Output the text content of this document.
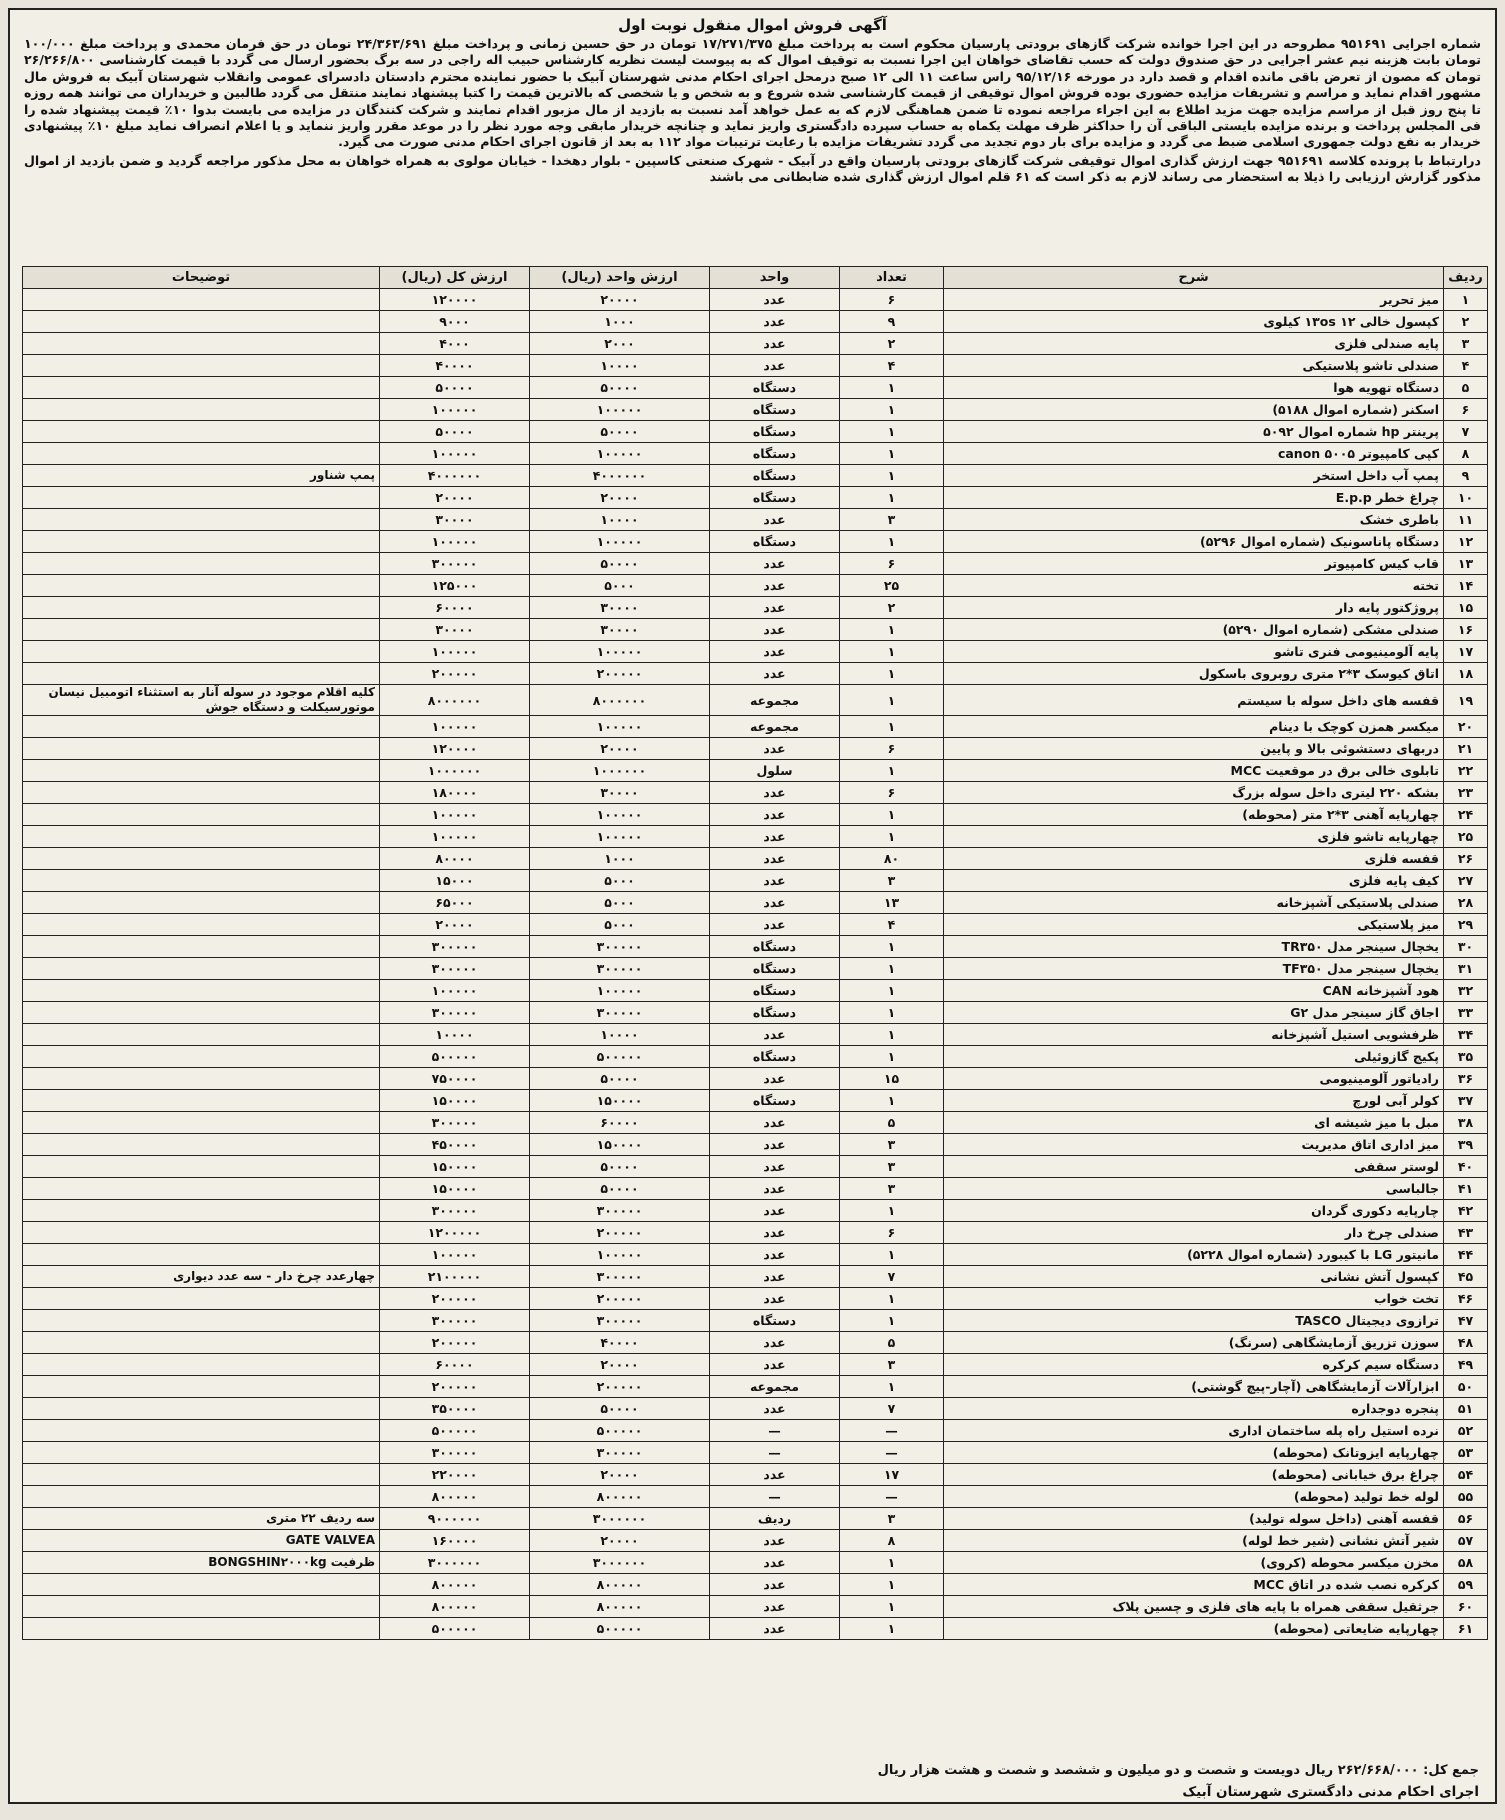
آگهی فروش اموال منقول نوبت اول

شماره اجرایی ۹۵۱۶۹۱ مطروحه در این اجرا خوانده شرکت گازهای برودتی پارسیان محکوم است به پرداخت مبلغ ۱۷/۲۷۱/۳۷۵ تومان در حق حسین زمانی و پرداخت مبلغ ۲۴/۳۶۳/۶۹۱ تومان در حق فرمان محمدی و پرداخت مبلغ ۱۰۰/۰۰۰ تومان بابت هزینه نیم عشر اجرایی در حق صندوق دولت که حسب تقاضای خواهان این اجرا نسبت به توقیف اموال که به پیوست لیست نظریه کارشناس حبیب اله راجی در سه برگ بحضور ارسال می گردد با قیمت کارشناسی ۲۶/۲۶۶/۸۰۰ تومان که مصون از تعرض باقی مانده اقدام و قصد دارد در مورخه ۹۵/۱۲/۱۶ راس ساعت ۱۱ الی ۱۲ صبح درمحل اجرای احکام مدنی شهرستان آبیک با حضور نماینده محترم دادستان دادسرای عمومی وانقلاب شهرستان آبیک به فروش مال مشهور اقدام نماید و مراسم و تشریفات مزایده حضوری بوده فروش اموال توقیفی از قیمت کارشناسی شده شروع و به شخص و یا شخصی که بالاترین قیمت را کتبا پیشنهاد نمایند منتقل می گردد طالبین و خریداران می توانند همه روزه تا پنج روز قبل از مراسم مزایده جهت مزید اطلاع به این اجراء مراجعه نموده تا ضمن هماهنگی لازم که به عمل خواهد آمد نسبت به بازدید از مال مزبور اقدام نمایند و شرکت کنندگان در مزایده می بایست بدوا ۱۰٪ قیمت پیشنهاد شده را فی المجلس پرداخت و برنده مزایده بایستی الباقی آن را حداکثر ظرف مهلت یکماه به حساب سپرده دادگستری واریز نماید و چنانچه خریدار مابقی وجه مورد نظر را در موعد مقرر واریز ننماید و یا اعلام انصراف نماید مبلغ ۱۰٪ پیشنهادی خریدار به نفع دولت جمهوری اسلامی ضبط می گردد و مزایده برای بار دوم تجدید می گردد تشریفات مزایده با رعایت ترتیبات مواد ۱۱۲ به بعد از قانون اجرای احکام مدنی صورت می گیرد.

درارتباط با پرونده کلاسه ۹۵۱۶۹۱ جهت ارزش گذاری اموال توقیفی شرکت گازهای برودتی پارسیان واقع در آبیک - شهرک صنعتی کاسپین - بلوار دهخدا - خیابان مولوی به همراه خواهان به محل مذکور مراجعه گردید و ضمن بازدید از اموال مذکور گزارش ارزیابی را ذیلا به استحضار می رساند لازم به ذکر است که ۶۱ قلم اموال ارزش گذاری شده ضابطانی می باشند

ردیف	شرح	تعداد	واحد	ارزش واحد (ریال)	ارزش کل (ریال)	توضیحات
۱	میز تحریر	۶	عدد	۲۰۰۰۰	۱۲۰۰۰۰	
۲	کپسول خالی ۱۲ ۱۳os کیلوی	۹	عدد	۱۰۰۰	۹۰۰۰	
۳	پایه صندلی فلزی	۲	عدد	۲۰۰۰	۴۰۰۰	
۴	صندلی تاشو پلاستیکی	۴	عدد	۱۰۰۰۰	۴۰۰۰۰	
۵	دستگاه تهویه هوا	۱	دستگاه	۵۰۰۰۰	۵۰۰۰۰	
۶	اسکنر (شماره اموال ۵۱۸۸)	۱	دستگاه	۱۰۰۰۰۰	۱۰۰۰۰۰	
۷	پرینتر hp شماره اموال ۵۰۹۲	۱	دستگاه	۵۰۰۰۰	۵۰۰۰۰	
۸	کپی کامپیوتر canon ۵۰۰۵	۱	دستگاه	۱۰۰۰۰۰	۱۰۰۰۰۰	
۹	پمپ آب داخل استخر	۱	دستگاه	۴۰۰۰۰۰۰	۴۰۰۰۰۰۰	پمپ شناور
۱۰	چراغ خطر E.p.p	۱	دستگاه	۲۰۰۰۰	۲۰۰۰۰	
۱۱	باطری خشک	۳	عدد	۱۰۰۰۰	۳۰۰۰۰	
۱۲	دستگاه پاناسونیک (شماره اموال ۵۲۹۶)	۱	دستگاه	۱۰۰۰۰۰	۱۰۰۰۰۰	
۱۳	قاب کیس کامپیوتر	۶	عدد	۵۰۰۰۰	۳۰۰۰۰۰	
۱۴	تخته	۲۵	عدد	۵۰۰۰	۱۲۵۰۰۰	
۱۵	پروژکتور پایه دار	۲	عدد	۳۰۰۰۰	۶۰۰۰۰	
۱۶	صندلی مشکی (شماره اموال ۵۲۹۰)	۱	عدد	۳۰۰۰۰	۳۰۰۰۰	
۱۷	پایه آلومینیومی فنری تاشو	۱	عدد	۱۰۰۰۰۰	۱۰۰۰۰۰	
۱۸	اتاق کیوسک ۳*۲ متری روبروی باسکول	۱	عدد	۲۰۰۰۰۰	۲۰۰۰۰۰	
۱۹	قفسه های داخل سوله با سیستم	۱	مجموعه	۸۰۰۰۰۰۰	۸۰۰۰۰۰۰	کلیه اقلام موجود در سوله آنار به استثناء اتومبیل نیسان موتورسیکلت و دستگاه جوش
۲۰	میکسر همزن کوچک با دینام	۱	مجموعه	۱۰۰۰۰۰	۱۰۰۰۰۰	
۲۱	دربهای دستشوئی بالا و پایین	۶	عدد	۲۰۰۰۰	۱۲۰۰۰۰	
۲۲	تابلوی خالی برق در موقعیت MCC	۱	سلول	۱۰۰۰۰۰۰	۱۰۰۰۰۰۰	
۲۳	بشکه ۲۲۰ لیتری داخل سوله بزرگ	۶	عدد	۳۰۰۰۰	۱۸۰۰۰۰	
۲۴	چهارپایه آهنی ۳*۲ متر (محوطه)	۱	عدد	۱۰۰۰۰۰	۱۰۰۰۰۰	
۲۵	چهارپایه تاشو فلزی	۱	عدد	۱۰۰۰۰۰	۱۰۰۰۰۰	
۲۶	قفسه فلزی	۸۰	عدد	۱۰۰۰	۸۰۰۰۰	
۲۷	کیف پایه فلزی	۳	عدد	۵۰۰۰	۱۵۰۰۰	
۲۸	صندلی پلاستیکی آشپزخانه	۱۳	عدد	۵۰۰۰	۶۵۰۰۰	
۲۹	میز پلاستیکی	۴	عدد	۵۰۰۰	۲۰۰۰۰	
۳۰	یخچال سینجر مدل TR۳۵۰	۱	دستگاه	۳۰۰۰۰۰	۳۰۰۰۰۰	
۳۱	یخچال سینجر مدل TF۳۵۰	۱	دستگاه	۳۰۰۰۰۰	۳۰۰۰۰۰	
۳۲	هود آشپزخانه CAN	۱	دستگاه	۱۰۰۰۰۰	۱۰۰۰۰۰	
۳۳	اجاق گاز سینجر مدل G۲	۱	دستگاه	۳۰۰۰۰۰	۳۰۰۰۰۰	
۳۴	ظرفشویی استیل آشپزخانه	۱	عدد	۱۰۰۰۰	۱۰۰۰۰	
۳۵	پکیج گازوئیلی	۱	دستگاه	۵۰۰۰۰۰	۵۰۰۰۰۰	
۳۶	رادیاتور آلومینیومی	۱۵	عدد	۵۰۰۰۰	۷۵۰۰۰۰	
۳۷	کولر آبی لورچ	۱	دستگاه	۱۵۰۰۰۰	۱۵۰۰۰۰	
۳۸	مبل با میز شیشه ای	۵	عدد	۶۰۰۰۰	۳۰۰۰۰۰	
۳۹	میز اداری اتاق مدیریت	۳	عدد	۱۵۰۰۰۰	۴۵۰۰۰۰	
۴۰	لوستر سقفی	۳	عدد	۵۰۰۰۰	۱۵۰۰۰۰	
۴۱	جالباسی	۳	عدد	۵۰۰۰۰	۱۵۰۰۰۰	
۴۲	چارپایه دکوری گردان	۱	عدد	۳۰۰۰۰۰	۳۰۰۰۰۰	
۴۳	صندلی چرخ دار	۶	عدد	۲۰۰۰۰۰	۱۲۰۰۰۰۰	
۴۴	مانیتور LG با کیبورد (شماره اموال ۵۲۲۸)	۱	عدد	۱۰۰۰۰۰	۱۰۰۰۰۰	
۴۵	کپسول آتش نشانی	۷	عدد	۳۰۰۰۰۰	۲۱۰۰۰۰۰	چهارعدد چرخ دار - سه عدد دیواری
۴۶	تخت خواب	۱	عدد	۲۰۰۰۰۰	۲۰۰۰۰۰	
۴۷	ترازوی دیجیتال TASCO	۱	دستگاه	۳۰۰۰۰۰	۳۰۰۰۰۰	
۴۸	سوزن تزریق آزمایشگاهی (سرنگ)	۵	عدد	۴۰۰۰۰	۲۰۰۰۰۰	
۴۹	دستگاه سیم کرکره	۳	عدد	۲۰۰۰۰	۶۰۰۰۰	
۵۰	ابزارآلات آزمایشگاهی (آچار-پیچ گوشتی)	۱	مجموعه	۲۰۰۰۰۰	۲۰۰۰۰۰	
۵۱	پنجره دوجداره	۷	عدد	۵۰۰۰۰	۳۵۰۰۰۰	
۵۲	نرده استیل راه پله ساختمان اداری	—	—	۵۰۰۰۰۰	۵۰۰۰۰۰	
۵۳	چهارپایه ایزوتانک (محوطه)	—	—	۳۰۰۰۰۰	۳۰۰۰۰۰	
۵۴	چراغ برق خیابانی (محوطه)	۱۷	عدد	۲۰۰۰۰	۲۲۰۰۰۰	
۵۵	لوله خط تولید (محوطه)	—	—	۸۰۰۰۰۰	۸۰۰۰۰۰	
۵۶	قفسه آهنی (داخل سوله تولید)	۳	ردیف	۳۰۰۰۰۰۰	۹۰۰۰۰۰۰	سه ردیف ۲۲ متری
۵۷	شیر آتش نشانی (شیر خط لوله)	۸	عدد	۲۰۰۰۰	۱۶۰۰۰۰	GATE VALVEA
۵۸	مخزن میکسر محوطه (کروی)	۱	عدد	۳۰۰۰۰۰۰	۳۰۰۰۰۰۰	ظرفیت BONGSHIN۲۰۰۰kg
۵۹	کرکره نصب شده در اتاق MCC	۱	عدد	۸۰۰۰۰۰	۸۰۰۰۰۰	
۶۰	جرثقیل سقفی همراه با پایه های فلزی و چسین پلاک	۱	عدد	۸۰۰۰۰۰	۸۰۰۰۰۰	
۶۱	چهارپایه ضایعاتی (محوطه)	۱	عدد	۵۰۰۰۰۰	۵۰۰۰۰۰	
جمع کل: ۲۶۲/۶۶۸/۰۰۰ ریال دویست و شصت و دو میلیون و ششصد و شصت و هشت هزار ریال
اجرای احکام مدنی دادگستری شهرستان آبیک
